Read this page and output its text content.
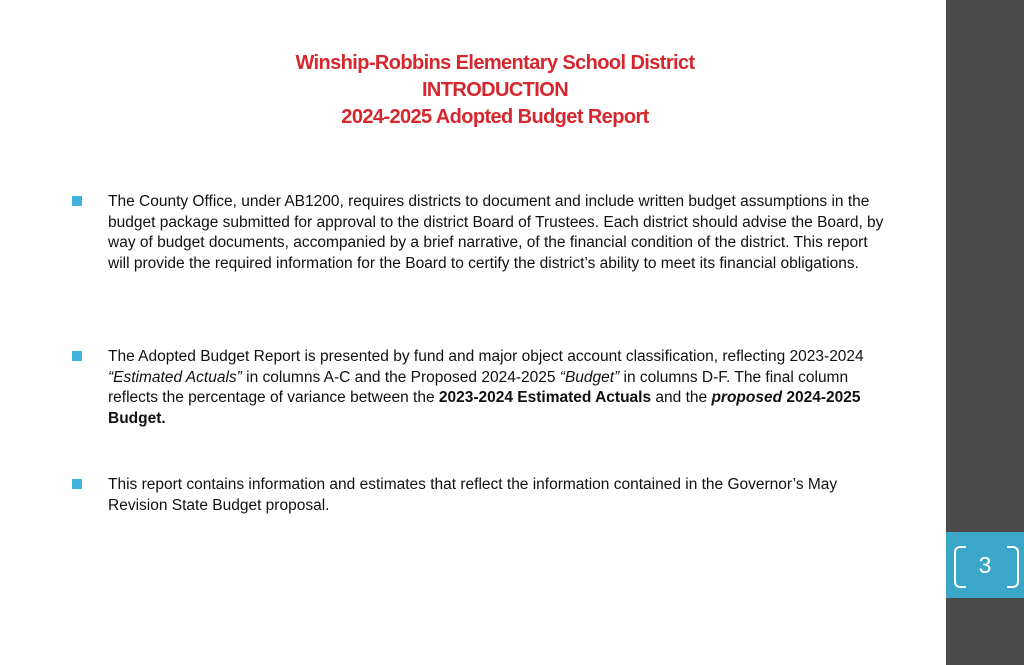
Winship-Robbins Elementary School District
INTRODUCTION
2024-2025 Adopted Budget Report
The County Office, under AB1200, requires districts to document and include written budget assumptions in the budget package submitted for approval to the district Board of Trustees. Each district should advise the Board, by way of budget documents, accompanied by a brief narrative, of the financial condition of the district. This report will provide the required information for the Board to certify the district’s ability to meet its financial obligations.
The Adopted Budget Report is presented by fund and major object account classification, reflecting 2023-2024 “Estimated Actuals” in columns A-C and the Proposed 2024-2025 “Budget” in columns D-F. The final column reflects the percentage of variance between the 2023-2024 Estimated Actuals and the proposed 2024-2025 Budget.
This report contains information and estimates that reflect the information contained in the Governor’s May Revision State Budget proposal.
3
